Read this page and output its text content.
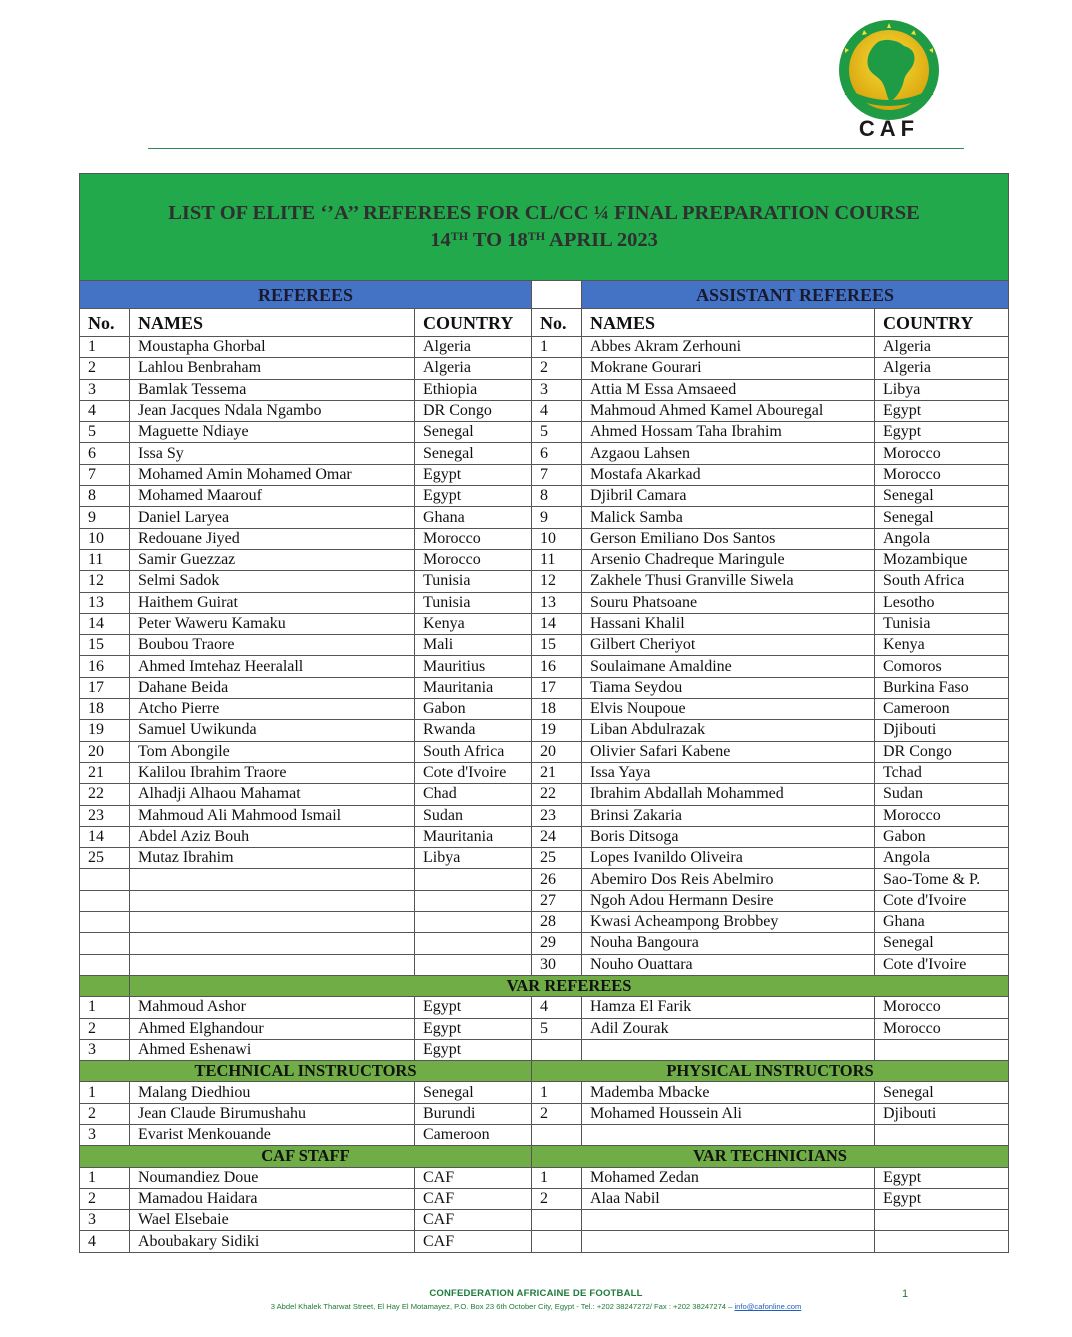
CAF
LIST OF ELITE ‘’A’’ REFEREES FOR CL/CC ¼ FINAL PREPARATION COURSE
14TH TO 18TH APRIL 2023					
REFEREES				ASSISTANT REFEREES	
No.	NAMES	COUNTRY	No.	NAMES	COUNTRY
1	Moustapha Ghorbal	Algeria	1	Abbes Akram Zerhouni	Algeria
2	Lahlou Benbraham	Algeria	2	Mokrane Gourari	Algeria
3	Bamlak Tessema	Ethiopia	3	Attia M Essa Amsaeed	Libya
4	Jean Jacques Ndala Ngambo	DR Congo	4	Mahmoud Ahmed Kamel Abouregal	Egypt
5	Maguette Ndiaye	Senegal	5	Ahmed Hossam Taha Ibrahim	Egypt
6	Issa Sy	Senegal	6	Azgaou Lahsen	Morocco
7	Mohamed Amin Mohamed Omar	Egypt	7	Mostafa Akarkad	Morocco
8	Mohamed Maarouf	Egypt	8	Djibril Camara	Senegal
9	Daniel Laryea	Ghana	9	Malick Samba	Senegal
10	Redouane Jiyed	Morocco	10	Gerson Emiliano Dos Santos	Angola
11	Samir Guezzaz	Morocco	11	Arsenio Chadreque Maringule	Mozambique
12	Selmi Sadok	Tunisia	12	Zakhele Thusi Granville Siwela	South Africa
13	Haithem Guirat	Tunisia	13	Souru Phatsoane	Lesotho
14	Peter Waweru Kamaku	Kenya	14	Hassani Khalil	Tunisia
15	Boubou Traore	Mali	15	Gilbert Cheriyot	Kenya
16	Ahmed Imtehaz Heeralall	Mauritius	16	Soulaimane Amaldine	Comoros
17	Dahane Beida	Mauritania	17	Tiama Seydou	Burkina Faso
18	Atcho Pierre	Gabon	18	Elvis Noupoue	Cameroon
19	Samuel Uwikunda	Rwanda	19	Liban Abdulrazak	Djibouti
20	Tom Abongile	South Africa	20	Olivier Safari Kabene	DR Congo
21	Kalilou Ibrahim Traore	Cote d'Ivoire	21	Issa Yaya	Tchad
22	Alhadji Alhaou Mahamat	Chad	22	Ibrahim Abdallah Mohammed	Sudan
23	Mahmoud Ali Mahmood Ismail	Sudan	23	Brinsi Zakaria	Morocco
14	Abdel Aziz Bouh	Mauritania	24	Boris Ditsoga	Gabon
25	Mutaz Ibrahim	Libya	25	Lopes Ivanildo Oliveira	Angola
			26	Abemiro Dos Reis Abelmiro	Sao-Tome & P.
			27	Ngoh Adou Hermann Desire	Cote d'Ivoire
			28	Kwasi Acheampong Brobbey	Ghana
			29	Nouha Bangoura	Senegal
			30	Nouho Ouattara	Cote d'Ivoire
	VAR REFEREES				
1	Mahmoud Ashor	Egypt	4	Hamza El Farik	Morocco
2	Ahmed Elghandour	Egypt	5	Adil Zourak	Morocco
3	Ahmed Eshenawi	Egypt			
TECHNICAL INSTRUCTORS			PHYSICAL INSTRUCTORS		
1	Malang Diedhiou	Senegal	1	Mademba Mbacke	Senegal
2	Jean Claude Birumushahu	Burundi	2	Mohamed Houssein Ali	Djibouti
3	Evarist Menkouande	Cameroon			
CAF STAFF			VAR TECHNICIANS		
1	Noumandiez Doue	CAF	1	Mohamed Zedan	Egypt
2	Mamadou Haidara	CAF	2	Alaa Nabil	Egypt
3	Wael Elsebaie	CAF			
4	Aboubakary Sidiki	CAF			
CONFEDERATION AFRICAINE DE FOOTBALL
3 Abdel Khalek Tharwat Street, El Hay El Motamayez, P.O. Box 23 6th October City, Egypt - Tel.: +202 38247272/ Fax : +202 38247274 – info@cafonline.com
1
